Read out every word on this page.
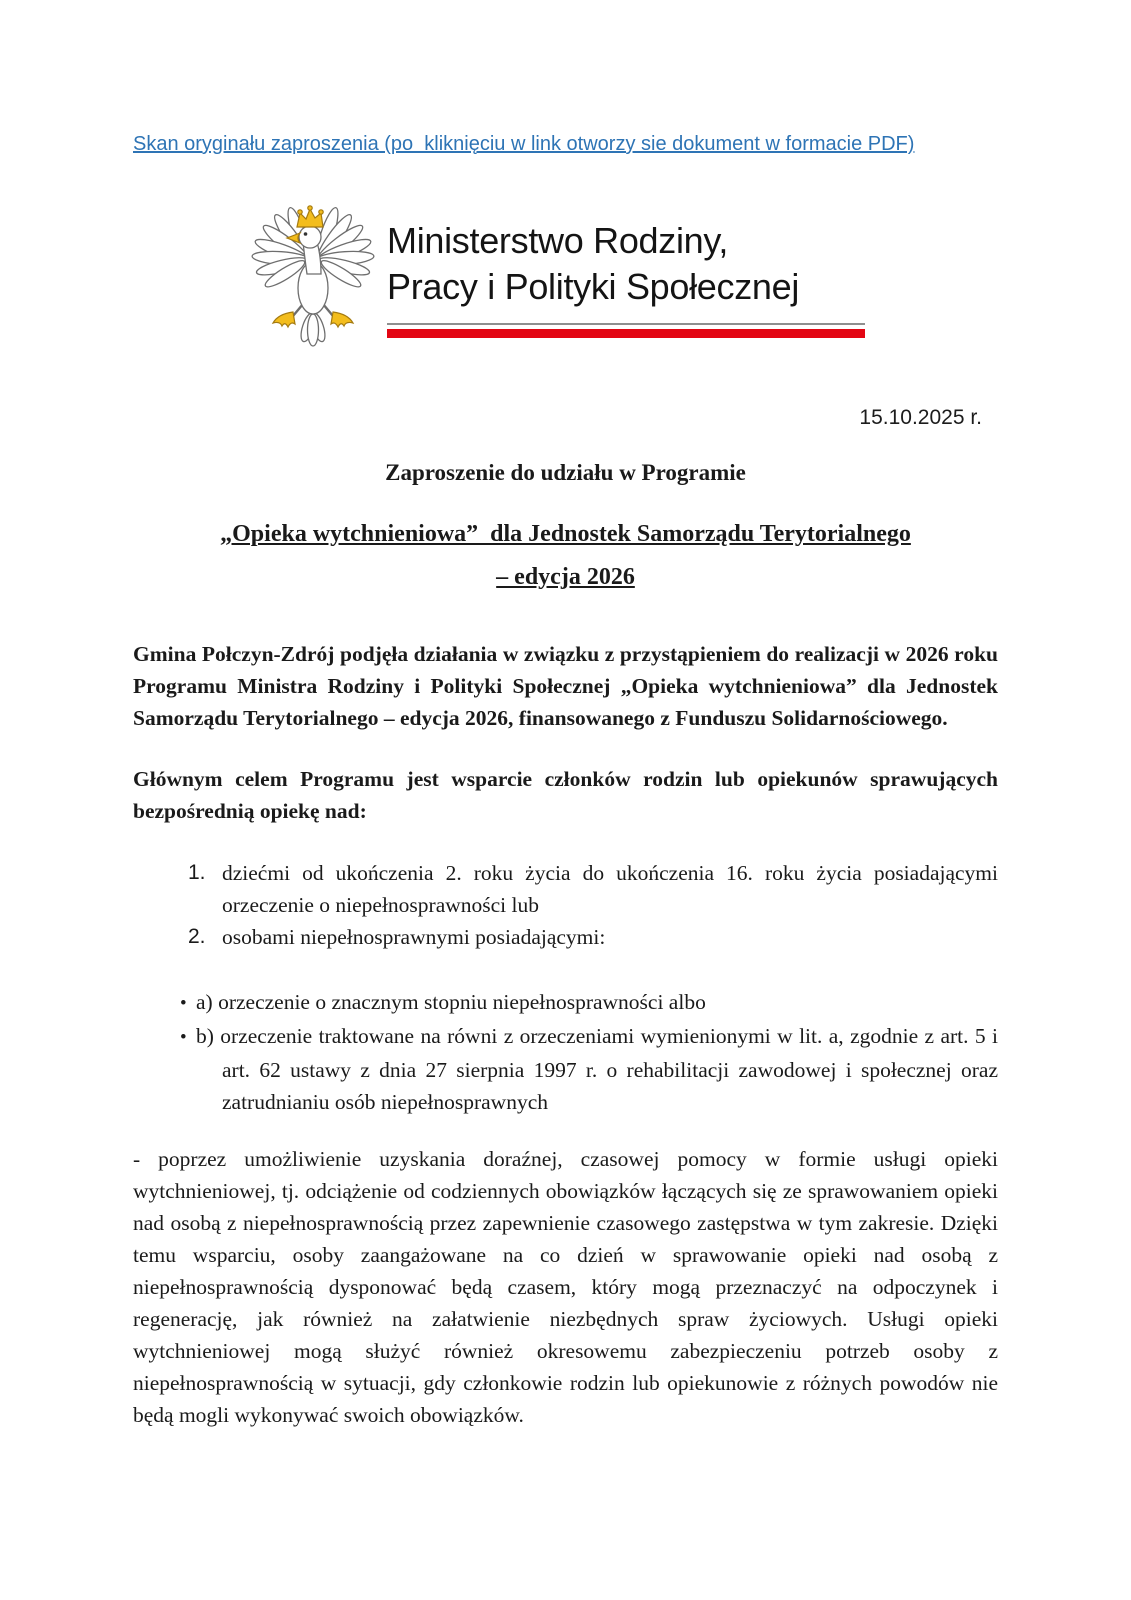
Skan oryginału zaproszenia (po  kliknięciu w link otworzy sie dokument w formacie PDF)
Ministerstwo Rodziny,
Pracy i Polityki Społecznej
15.10.2025 r.
Zaproszenie do udziału w Programie
„Opieka wytchnieniowa”  dla Jednostek Samorządu Terytorialnego
– edycja 2026
Gmina Połczyn-Zdrój podjęła działania w związku z przystąpieniem do realizacji w 2026 roku Programu Ministra Rodziny i Polityki Społecznej „Opieka wytchnieniowa” dla Jednostek Samorządu Terytorialnego – edycja 2026, finansowanego z Funduszu Solidarnościowego.
Głównym celem Programu jest wsparcie członków rodzin lub opiekunów sprawujących bezpośrednią opiekę nad:
1. dziećmi od ukończenia 2. roku życia do ukończenia 16. roku życia posiadającymi orzeczenie o niepełnosprawności lub
2. osobami niepełnosprawnymi posiadającymi:
• a) orzeczenie o znacznym stopniu niepełnosprawności albo
• b) orzeczenie traktowane na równi z orzeczeniami wymienionymi w lit. a, zgodnie z art. 5 i art. 62 ustawy z dnia 27 sierpnia 1997 r. o rehabilitacji zawodowej i społecznej oraz zatrudnianiu osób niepełnosprawnych
- poprzez umożliwienie uzyskania doraźnej, czasowej pomocy w formie usługi opieki wytchnieniowej, tj. odciążenie od codziennych obowiązków łączących się ze sprawowaniem opieki nad osobą z niepełnosprawnością przez zapewnienie czasowego zastępstwa w tym zakresie. Dzięki temu wsparciu, osoby zaangażowane na co dzień w sprawowanie opieki nad osobą z niepełnosprawnością dysponować będą czasem, który mogą przeznaczyć na odpoczynek i regenerację, jak również na załatwienie niezbędnych spraw życiowych. Usługi opieki wytchnieniowej mogą służyć również okresowemu zabezpieczeniu potrzeb osoby z niepełnosprawnością w sytuacji, gdy członkowie rodzin lub opiekunowie z różnych powodów nie będą mogli wykonywać swoich obowiązków.
